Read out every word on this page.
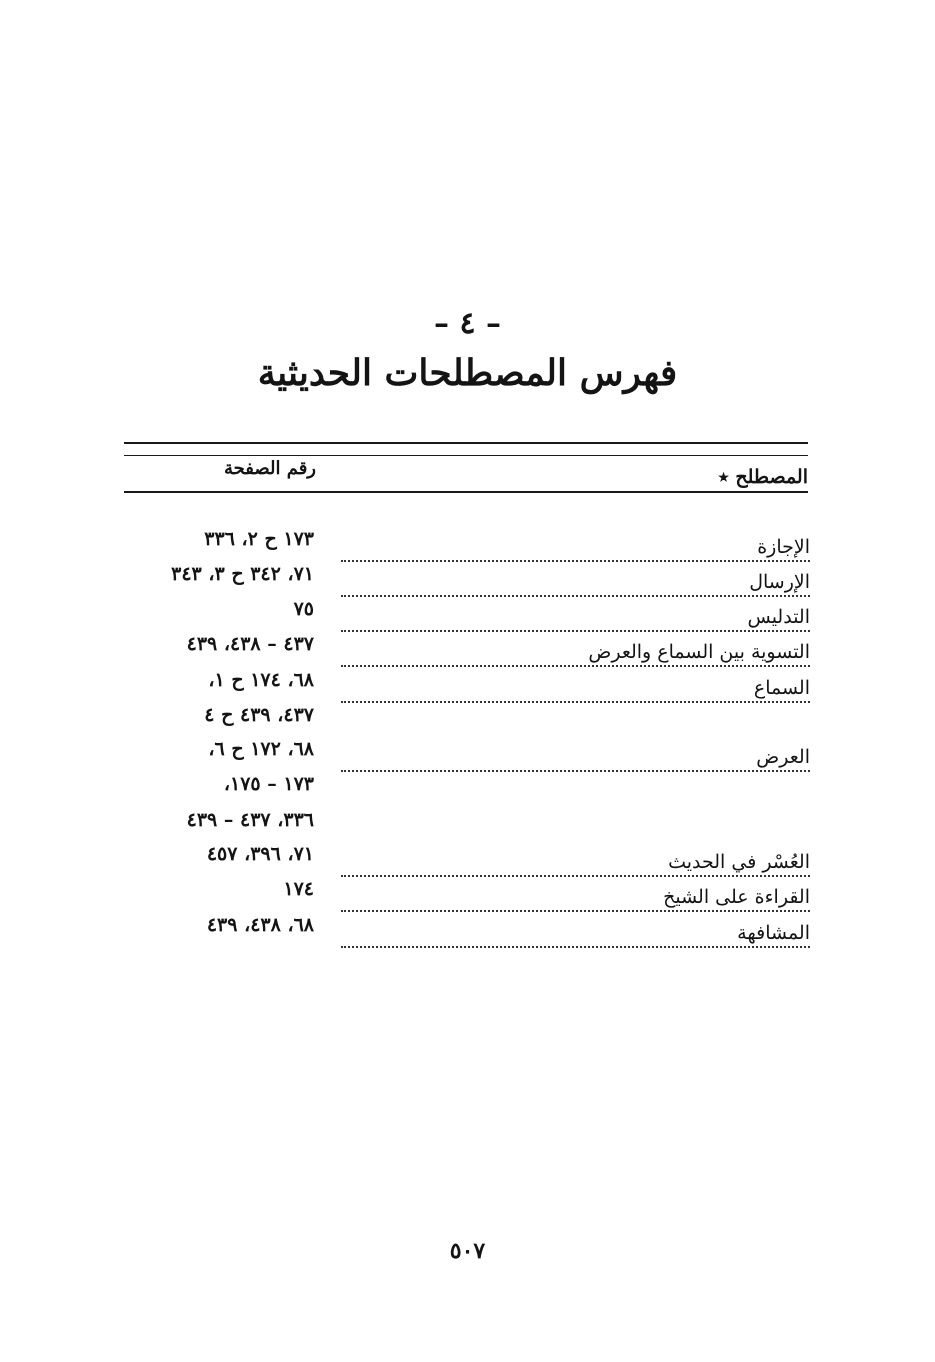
– ٤ –
فهرس المصطلحات الحديثية
المصطلح ٭
رقم الصفحة
الإجازة
١٧٣ ح ٢، ٣٣٦
الإرسال
٧١، ٣٤٢ ح ٣، ٣٤٣
التدليس
٧٥
التسوية بين السماع والعرض
٤٣٧ – ٤٣٨، ٤٣٩
السماع
٦٨، ١٧٤ ح ١،
٤٣٧، ٤٣٩ ح ٤
العرض
٦٨، ١٧٢ ح ٦،
١٧٣ – ١٧٥،
٣٣٦، ٤٣٧ – ٤٣٩
العُسْر في الحديث
٧١، ٣٩٦، ٤٥٧
القراءة على الشيخ
١٧٤
المشافهة
٦٨، ٤٣٨، ٤٣٩
٥٠٧
